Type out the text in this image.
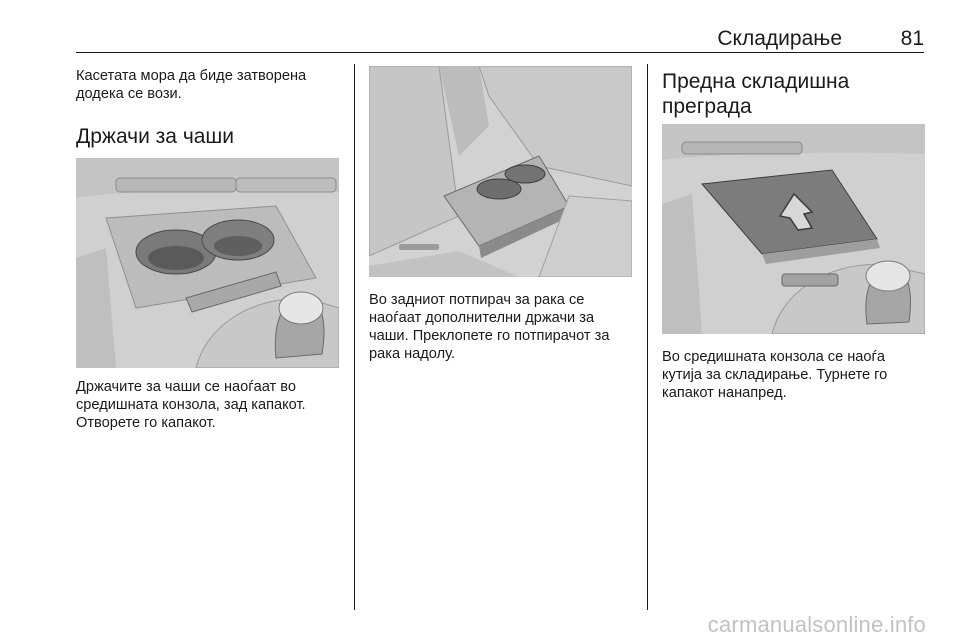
Складирање	81

Касетата мора да биде затворена додека се вози.

Држачи за чаши

Држачите за чаши се наоѓаат во средишната конзола, зад капакот. Отворете го капакот.

Во задниот потпирач за рака се наоѓаат дополнителни држачи за чаши. Преклопете го потпирачот за рака надолу.

Предна складишна преграда

Во средишната конзола се наоѓа кутија за складирање. Турнете го капакот нанапред.

carmanualsonline.info
